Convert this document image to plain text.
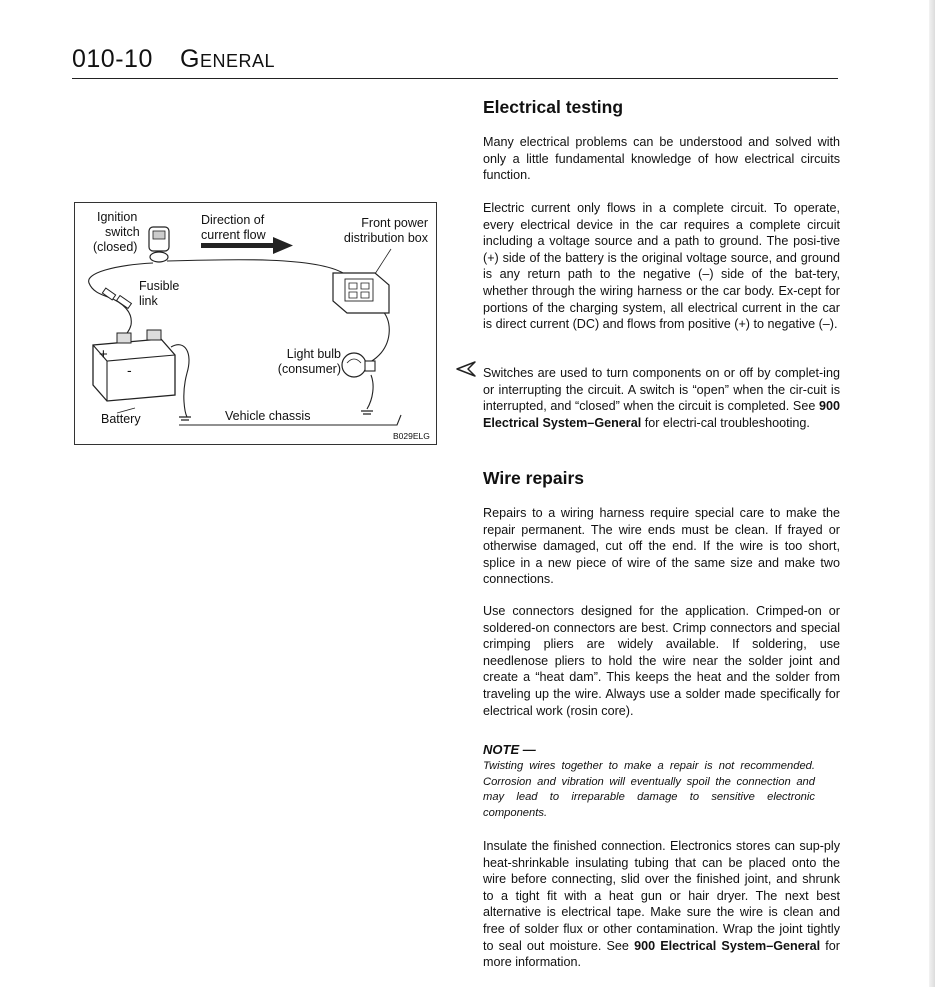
010-10 General
Ignition
switch
(closed)
Direction of
current flow
Front power
distribution box
Fusible
link
Light bulb
(consumer)
Battery	Vehicle chassis
+
-
B029ELG
Electrical testing

Many electrical problems can be understood and solved with only a little fundamental knowledge of how electrical circuits function.

Electric current only flows in a complete circuit. To operate, every electrical device in the car requires a complete circuit including a voltage source and a path to ground. The posi-tive (+) side of the battery is the original voltage source, and ground is any return path to the negative (–) side of the bat-tery, whether through the wiring harness or the car body. Ex-cept for portions of the charging system, all electrical current in the car is direct current (DC) and flows from positive (+) to negative (–).

Switches are used to turn components on or off by complet-ing or interrupting the circuit. A switch is “open” when the cir-cuit is interrupted, and “closed” when the circuit is completed. See 900 Electrical System–General for electri-cal troubleshooting.

Wire repairs

Repairs to a wiring harness require special care to make the repair permanent. The wire ends must be clean. If frayed or otherwise damaged, cut off the end. If the wire is too short, splice in a new piece of wire of the same size and make two connections.

Use connectors designed for the application. Crimped-on or soldered-on connectors are best. Crimp connectors and special crimping pliers are widely available. If soldering, use needlenose pliers to hold the wire near the solder joint and create a “heat dam”. This keeps the heat and the solder from traveling up the wire. Always use a solder made specifically for electrical work (rosin core).

NOTE —

Twisting wires together to make a repair is not recommended. Corrosion and vibration will eventually spoil the connection and may lead to irreparable damage to sensitive electronic components.

Insulate the finished connection. Electronics stores can sup-ply heat-shrinkable insulating tubing that can be placed onto the wire before connecting, slid over the finished joint, and shrunk to a tight fit with a heat gun or hair dryer. The next best alternative is electrical tape. Make sure the wire is clean and free of solder flux or other contamination. Wrap the joint tightly to seal out moisture. See 900 Electrical System–General for more information.
